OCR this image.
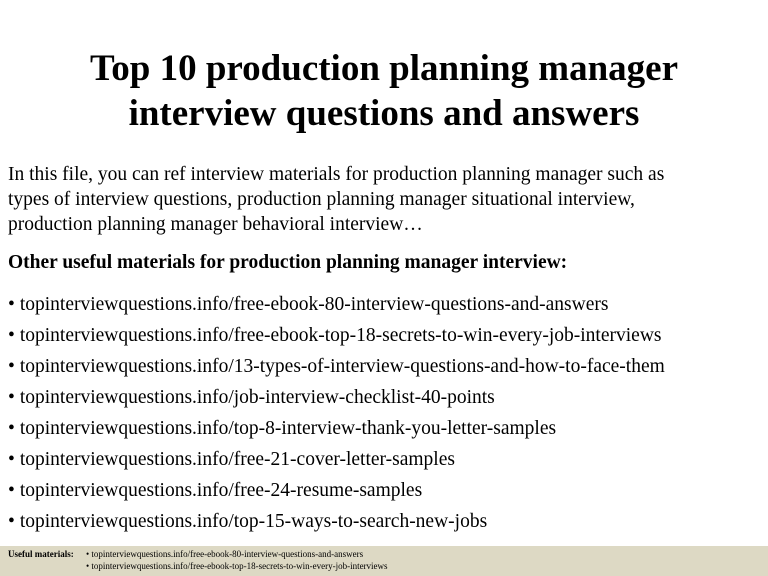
Top 10 production planning manager
interview questions and answers

In this file, you can ref interview materials for production planning manager such as
types of interview questions, production planning manager situational interview,
production planning manager behavioral interview…

Other useful materials for production planning manager interview:

• topinterviewquestions.info/free-ebook-80-interview-questions-and-answers
• topinterviewquestions.info/free-ebook-top-18-secrets-to-win-every-job-interviews
• topinterviewquestions.info/13-types-of-interview-questions-and-how-to-face-them
• topinterviewquestions.info/job-interview-checklist-40-points
• topinterviewquestions.info/top-8-interview-thank-you-letter-samples
• topinterviewquestions.info/free-21-cover-letter-samples
• topinterviewquestions.info/free-24-resume-samples
• topinterviewquestions.info/top-15-ways-to-search-new-jobs
Useful materials: • topinterviewquestions.info/free-ebook-80-interview-questions-and-answers
• topinterviewquestions.info/free-ebook-top-18-secrets-to-win-every-job-interviews
